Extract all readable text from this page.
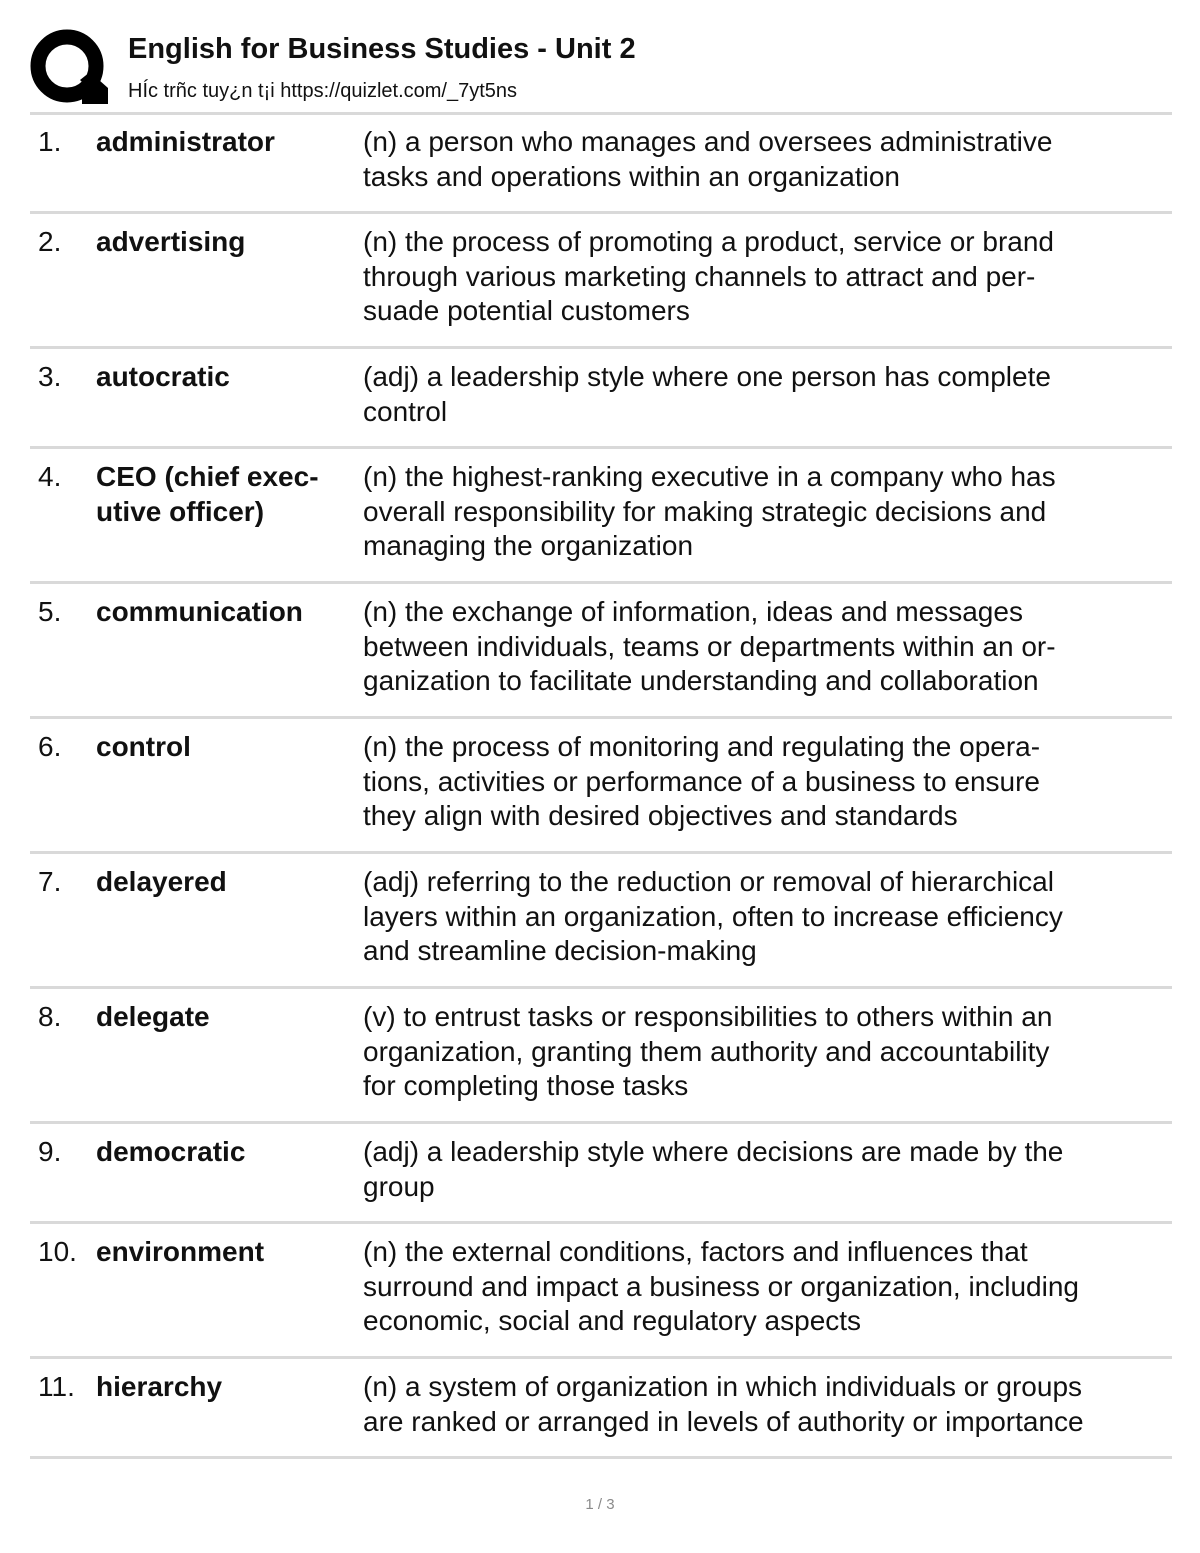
English for Business Studies - Unit 2
HÍc trñc tuy¿n t¡i https://quizlet.com/_7yt5ns
1. administrator	(n) a person who manages and oversees administrative
tasks and operations within an organization
2. advertising	(n) the process of promoting a product, service or brand
through various marketing channels to attract and per-
suade potential customers
3. autocratic	(adj) a leadership style where one person has complete
control
4. CEO (chief exec-
utive officer)
(n) the highest-ranking executive in a company who has
overall responsibility for making strategic decisions and
managing the organization
5. communication	(n) the exchange of information, ideas and messages
between individuals, teams or departments within an or-
ganization to facilitate understanding and collaboration
6. control	(n) the process of monitoring and regulating the opera-
tions, activities or performance of a business to ensure
they align with desired objectives and standards
7. delayered	(adj) referring to the reduction or removal of hierarchical
layers within an organization, often to increase efficiency
and streamline decision-making
8. delegate	(v) to entrust tasks or responsibilities to others within an
organization, granting them authority and accountability
for completing those tasks
9. democratic	(adj) a leadership style where decisions are made by the
group
10. environment	(n) the external conditions, factors and influences that
surround and impact a business or organization, including
economic, social and regulatory aspects
11. hierarchy	(n) a system of organization in which individuals or groups
are ranked or arranged in levels of authority or importance
1 / 3
